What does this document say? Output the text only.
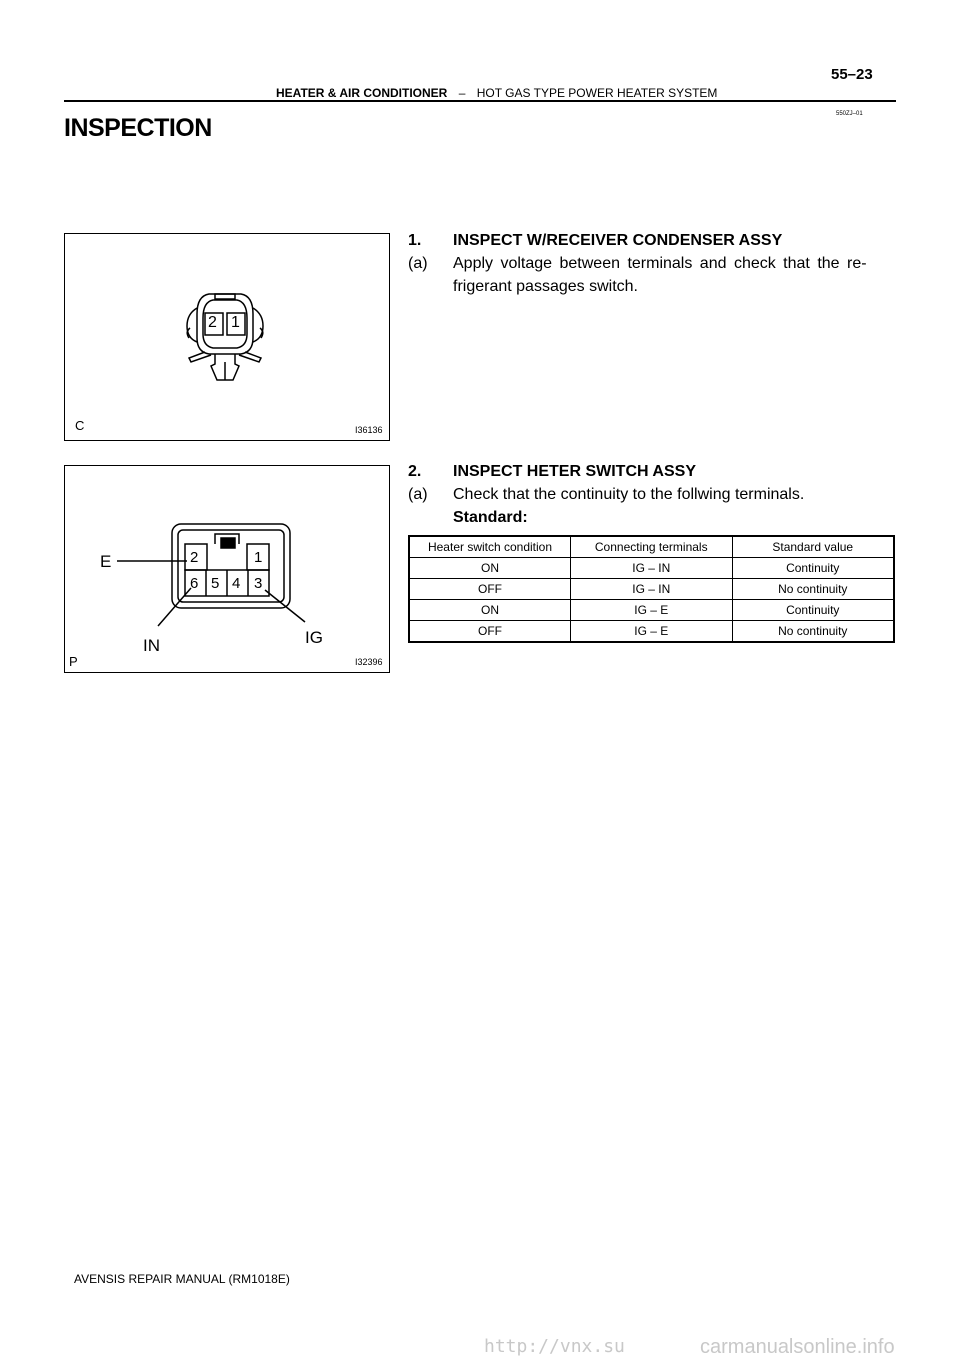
55–23
HEATER & AIR CONDITIONER – HOT GAS TYPE POWER HEATER SYSTEM
550ZJ–01
INSPECTION
2 1
C	I36136
2	1
6 5 4 3
E
IN	IG
P	I32396
1. INSPECT W/RECEIVER CONDENSER ASSY
(a) Apply voltage between terminals and check that the re-
frigerant passages switch.
2. INSPECT HETER SWITCH ASSY
(a) Check that the continuity to the follwing terminals.
Standard:
Heater switch condition	Connecting terminals	Standard value
ON	IG – IN	Continuity
OFF	IG – IN	No continuity
ON	IG – E	Continuity
OFF	IG – E	No continuity
AVENSIS REPAIR MANUAL (RM1018E)
http://vnx.su	carmanualsonline.info
